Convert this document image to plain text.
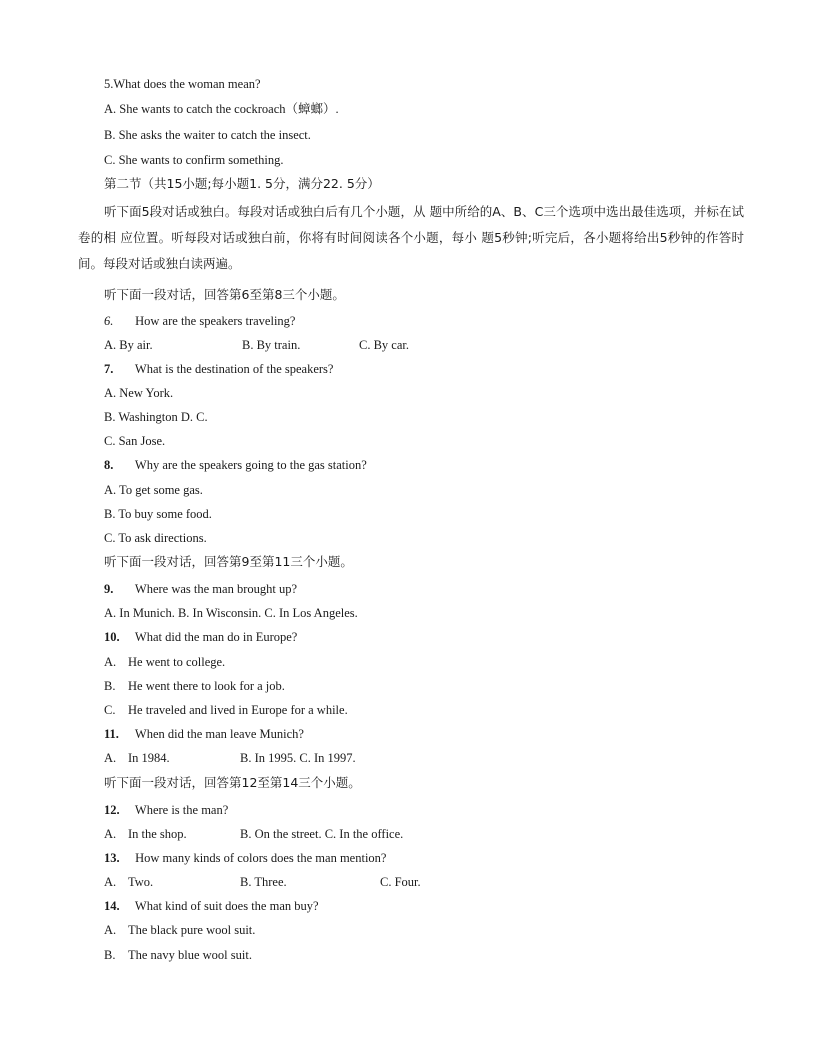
5.What does the woman mean?
A. She wants to catch the cockroach（蟑螂）.
B. She asks the waiter to catch the insect.
C. She wants to confirm something.
第二节（共15小题;每小题1. 5分，满分22. 5分）
听下面5段对话或独白。每段对话或独白后有几个小题，从 题中所给的A、B、C三个选项中选出最佳选项，并标在试卷的相 应位置。听每段对话或独白前，你将有时间阅读各个小题，每小 题5秒钟;听完后，各小题将给出5秒钟的作答时间。每段对话或独白读两遍。
听下面一段对话，回答第6至第8三个小题。
6. How are the speakers traveling?
A. By air.	B. By train.	C. By car.
7. What is the destination of the speakers?
A. New York.
B. Washington D. C.
C. San Jose.
8. Why are the speakers going to the gas station?
A. To get some gas.
B. To buy some food.
C. To ask directions.
听下面一段对话，回答第9至第11三个小题。
9. Where was the man brought up?
A. In Munich. B. In Wisconsin. C. In Los Angeles.
10. What did the man do in Europe?
A. He went to college.
B. He went there to look for a job.
C. He traveled and lived in Europe for a while.
11. When did the man leave Munich?
A. In 1984.	B. In 1995. C. In 1997.
听下面一段对话，回答第12至第14三个小题。
12. Where is the man?
A. In the shop.	B. On the street. C. In the office.
13. How many kinds of colors does the man mention?
A. Two.	B. Three.	C. Four.
14. What kind of suit does the man buy?
A. The black pure wool suit.
B. The navy blue wool suit.
